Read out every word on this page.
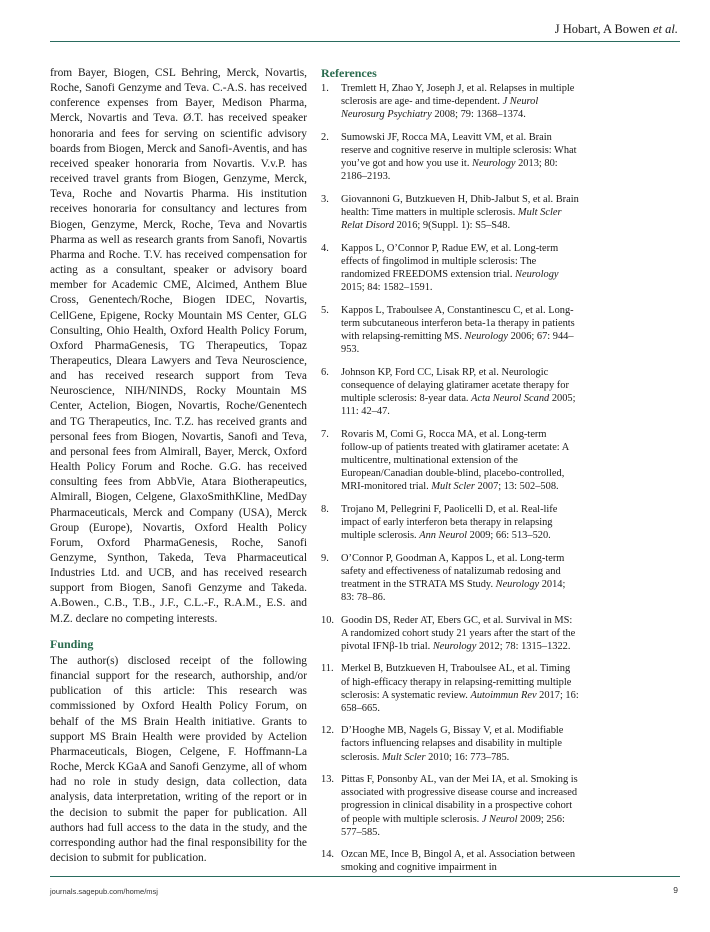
J Hobart, A Bowen et al.

from Bayer, Biogen, CSL Behring, Merck, Novartis, Roche, Sanofi Genzyme and Teva. C.-A.S. has received conference expenses from Bayer, Medison Pharma, Merck, Novartis and Teva. Ø.T. has received speaker honoraria and fees for serving on scientific advisory boards from Biogen, Merck and Sanofi-Aventis, and has received speaker honoraria from Novartis. V.v.P. has received travel grants from Biogen, Genzyme, Merck, Teva, Roche and Novartis Pharma. His institution receives honoraria for consultancy and lectures from Biogen, Genzyme, Merck, Roche, Teva and Novartis Pharma as well as research grants from Sanofi, Novartis Pharma and Roche. T.V. has received compensation for acting as a consultant, speaker or advisory board member for Academic CME, Alcimed, Anthem Blue Cross, Genentech/Roche, Biogen IDEC, Novartis, CellGene, Epigene, Rocky Mountain MS Center, GLG Consulting, Ohio Health, Oxford Health Policy Forum, Oxford PharmaGenesis, TG Therapeutics, Topaz Therapeutics, Dleara Lawyers and Teva Neuroscience, and has received research support from Teva Neuroscience, NIH/NINDS, Rocky Mountain MS Center, Actelion, Biogen, Novartis, Roche/Genentech and TG Therapeutics, Inc. T.Z. has received grants and personal fees from Biogen, Novartis, Sanofi and Teva, and personal fees from Almirall, Bayer, Merck, Oxford Health Policy Forum and Roche. G.G. has received consulting fees from AbbVie, Atara Biotherapeutics, Almirall, Biogen, Celgene, GlaxoSmithKline, MedDay Pharmaceuticals, Merck and Company (USA), Merck Group (Europe), Novartis, Oxford Health Policy Forum, Oxford PharmaGenesis, Roche, Sanofi Genzyme, Synthon, Takeda, Teva Pharmaceutical Industries Ltd. and UCB, and has received research support from Biogen, Sanofi Genzyme and Takeda. A.Bowen., C.B., T.B., J.F., C.L.-F., R.A.M., E.S. and M.Z. declare no competing interests.

Funding

The author(s) disclosed receipt of the following financial support for the research, authorship, and/or publication of this article: This research was commissioned by Oxford Health Policy Forum, on behalf of the MS Brain Health initiative. Grants to support MS Brain Health were provided by Actelion Pharmaceuticals, Biogen, Celgene, F. Hoffmann-La Roche, Merck KGaA and Sanofi Genzyme, all of whom had no role in study design, data collection, data analysis, data interpretation, writing of the report or in the decision to submit the paper for publication. All authors had full access to the data in the study, and the corresponding author had the final responsibility for the decision to submit for publication.

References
1.	Tremlett H, Zhao Y, Joseph J, et al. Relapses in multiple sclerosis are age- and time-dependent. J Neurol Neurosurg Psychiatry 2008; 79: 1368–1374.
2.	Sumowski JF, Rocca MA, Leavitt VM, et al. Brain reserve and cognitive reserve in multiple sclerosis: What you’ve got and how you use it. Neurology 2013; 80: 2186–2193.
3.	Giovannoni G, Butzkueven H, Dhib-Jalbut S, et al. Brain health: Time matters in multiple sclerosis. Mult Scler Relat Disord 2016; 9(Suppl. 1): S5–S48.
4.	Kappos L, O’Connor P, Radue EW, et al. Long-term effects of fingolimod in multiple sclerosis: The randomized FREEDOMS extension trial. Neurology 2015; 84: 1582–1591.
5.	Kappos L, Traboulsee A, Constantinescu C, et al. Long-term subcutaneous interferon beta-1a therapy in patients with relapsing-remitting MS. Neurology 2006; 67: 944–953.
6.	Johnson KP, Ford CC, Lisak RP, et al. Neurologic consequence of delaying glatiramer acetate therapy for multiple sclerosis: 8-year data. Acta Neurol Scand 2005; 111: 42–47.
7.	Rovaris M, Comi G, Rocca MA, et al. Long-term follow-up of patients treated with glatiramer acetate: A multicentre, multinational extension of the European/Canadian double-blind, placebo-controlled, MRI-monitored trial. Mult Scler 2007; 13: 502–508.
8.	Trojano M, Pellegrini F, Paolicelli D, et al. Real-life impact of early interferon beta therapy in relapsing multiple sclerosis. Ann Neurol 2009; 66: 513–520.
9.	O’Connor P, Goodman A, Kappos L, et al. Long-term safety and effectiveness of natalizumab redosing and treatment in the STRATA MS Study. Neurology 2014; 83: 78–86.
10. Goodin DS, Reder AT, Ebers GC, et al. Survival in MS: A randomized cohort study 21 years after the start of the pivotal IFNβ-1b trial. Neurology 2012; 78: 1315–1322.
11. Merkel B, Butzkueven H, Traboulsee AL, et al. Timing of high-efficacy therapy in relapsing-remitting multiple sclerosis: A systematic review. Autoimmun Rev 2017; 16: 658–665.
12. D’Hooghe MB, Nagels G, Bissay V, et al. Modifiable factors influencing relapses and disability in multiple sclerosis. Mult Scler 2010; 16: 773–785.
13. Pittas F, Ponsonby AL, van der Mei IA, et al. Smoking is associated with progressive disease course and increased progression in clinical disability in a prospective cohort of people with multiple sclerosis. J Neurol 2009; 256: 577–585.
14. Ozcan ME, Ince B, Bingol A, et al. Association between smoking and cognitive impairment in
journals.sagepub.com/home/msj	9
